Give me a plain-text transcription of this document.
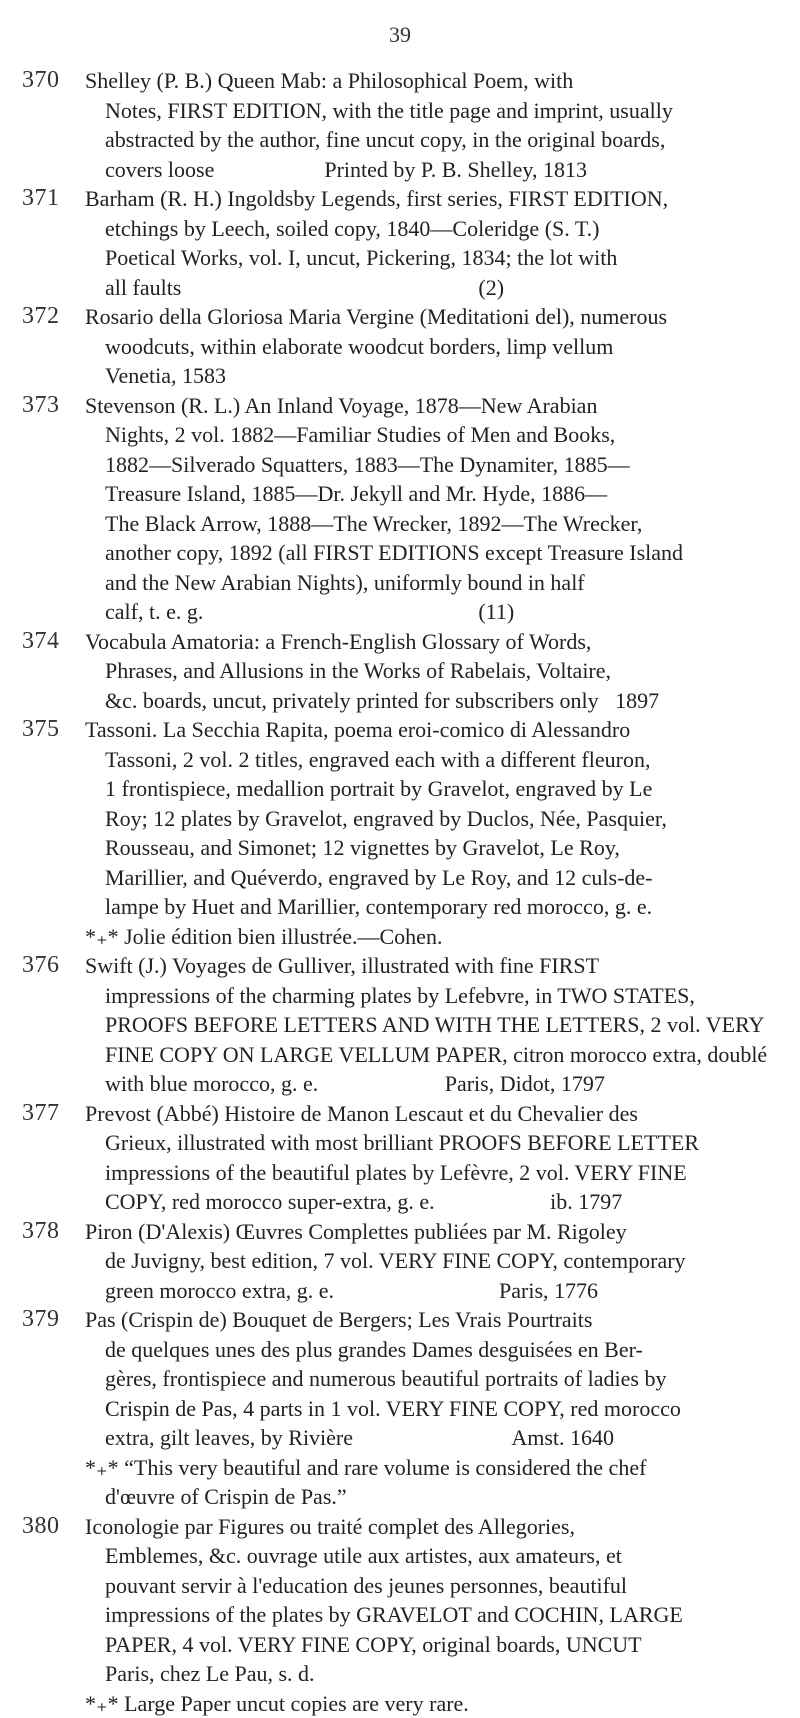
39
370	Shelley (P. B.) Queen Mab: a Philosophical Poem, with
Notes, FIRST EDITION, with the title page and imprint, usually
abstracted by the author, fine uncut copy, in the original boards,
covers loose                    Printed by P. B. Shelley, 1813
371	Barham (R. H.) Ingoldsby Legends, first series, FIRST EDITION,
etchings by Leech, soiled copy, 1840—Coleridge (S. T.)
Poetical Works, vol. I, uncut, Pickering, 1834; the lot with
all faults                                                      (2)
372	Rosario della Gloriosa Maria Vergine (Meditationi del), numerous
woodcuts, within elaborate woodcut borders, limp vellum
Venetia, 1583
373	Stevenson (R. L.) An Inland Voyage, 1878—New Arabian
Nights, 2 vol. 1882—Familiar Studies of Men and Books,
1882—Silverado Squatters, 1883—The Dynamiter, 1885—
Treasure Island, 1885—Dr. Jekyll and Mr. Hyde, 1886—
The Black Arrow, 1888—The Wrecker, 1892—The Wrecker,
another copy, 1892 (all FIRST EDITIONS except Treasure Island
and the New Arabian Nights), uniformly bound in half
calf, t. e. g.                                                  (11)
374	Vocabula Amatoria: a French-English Glossary of Words,
Phrases, and Allusions in the Works of Rabelais, Voltaire,
&c. boards, uncut, privately printed for subscribers only   1897
375	Tassoni. La Secchia Rapita, poema eroi-comico di Alessandro
Tassoni, 2 vol. 2 titles, engraved each with a different fleuron,
1 frontispiece, medallion portrait by Gravelot, engraved by Le
Roy; 12 plates by Gravelot, engraved by Duclos, Née, Pasquier,
Rousseau, and Simonet; 12 vignettes by Gravelot, Le Roy,
Marillier, and Quéverdo, engraved by Le Roy, and 12 culs-de-
lampe by Huet and Marillier, contemporary red morocco, g. e.
*₊* Jolie édition bien illustrée.—Cohen.
376	Swift (J.) Voyages de Gulliver, illustrated with fine FIRST
impressions of the charming plates by Lefebvre, in TWO STATES,
PROOFS BEFORE LETTERS AND WITH THE LETTERS, 2 vol. VERY
FINE COPY ON LARGE VELLUM PAPER, citron morocco extra, doublé
with blue morocco, g. e.                       Paris, Didot, 1797
377	Prevost (Abbé) Histoire de Manon Lescaut et du Chevalier des
Grieux, illustrated with most brilliant PROOFS BEFORE LETTER
impressions of the beautiful plates by Lefèvre, 2 vol. VERY FINE
COPY, red morocco super-extra, g. e.                     ib. 1797
378	Piron (D'Alexis) Œuvres Complettes publiées par M. Rigoley
de Juvigny, best edition, 7 vol. VERY FINE COPY, contemporary
green morocco extra, g. e.                              Paris, 1776
379	Pas (Crispin de) Bouquet de Bergers; Les Vrais Pourtraits
de quelques unes des plus grandes Dames desguisées en Ber-
gères, frontispiece and numerous beautiful portraits of ladies by
Crispin de Pas, 4 parts in 1 vol. VERY FINE COPY, red morocco
extra, gilt leaves, by Rivière                             Amst. 1640
*₊* “This very beautiful and rare volume is considered the chef
d'œuvre of Crispin de Pas.”
380	Iconologie par Figures ou traité complet des Allegories,
Emblemes, &c. ouvrage utile aux artistes, aux amateurs, et
pouvant servir à l'education des jeunes personnes, beautiful
impressions of the plates by GRAVELOT and COCHIN, LARGE
PAPER, 4 vol. VERY FINE COPY, original boards, UNCUT
Paris, chez Le Pau, s. d.
*₊* Large Paper uncut copies are very rare.
